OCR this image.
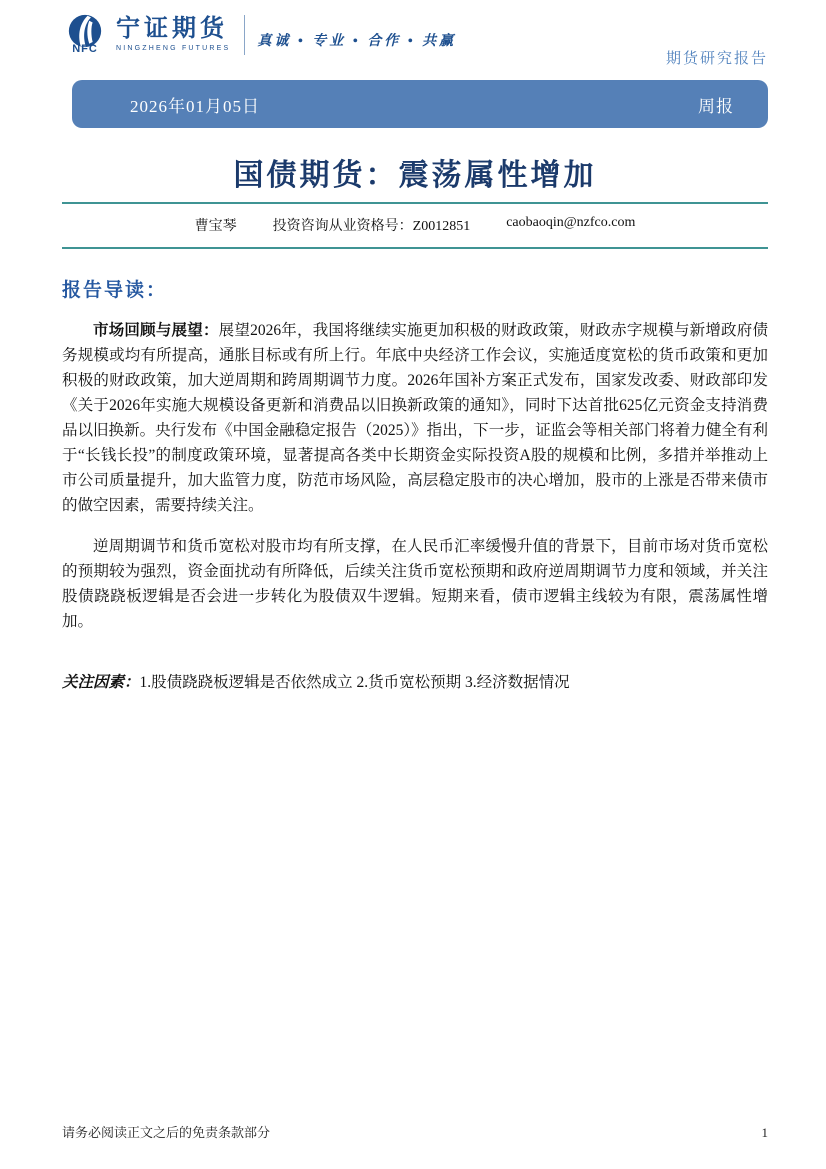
NFC
宁证期货
NINGZHENG FUTURES
真诚 • 专业 • 合作 • 共赢
期货研究报告
2026年01月05日	周报
国债期货：震荡属性增加
曹宝琴	投资咨询从业资格号：Z0012851	caobaoqin@nzfco.com
报告导读：

市场回顾与展望：展望2026年，我国将继续实施更加积极的财政政策，财政赤字规模与新增政府债务规模或均有所提高，通胀目标或有所上行。年底中央经济工作会议，实施适度宽松的货币政策和更加积极的财政政策，加大逆周期和跨周期调节力度。2026年国补方案正式发布，国家发改委、财政部印发《关于2026年实施大规模设备更新和消费品以旧换新政策的通知》，同时下达首批625亿元资金支持消费品以旧换新。央行发布《中国金融稳定报告（2025）》指出，下一步，证监会等相关部门将着力健全有利于“长钱长投”的制度政策环境，显著提高各类中长期资金实际投资A股的规模和比例，多措并举推动上市公司质量提升，加大监管力度，防范市场风险，高层稳定股市的决心增加，股市的上涨是否带来债市的做空因素，需要持续关注。

逆周期调节和货币宽松对股市均有所支撑，在人民币汇率缓慢升值的背景下，目前市场对货币宽松的预期较为强烈，资金面扰动有所降低，后续关注货币宽松预期和政府逆周期调节力度和领域，并关注股债跷跷板逻辑是否会进一步转化为股债双牛逻辑。短期来看，债市逻辑主线较为有限，震荡属性增加。

关注因素：1.股债跷跷板逻辑是否依然成立 2.货币宽松预期 3.经济数据情况

请务必阅读正文之后的免责条款部分	1
